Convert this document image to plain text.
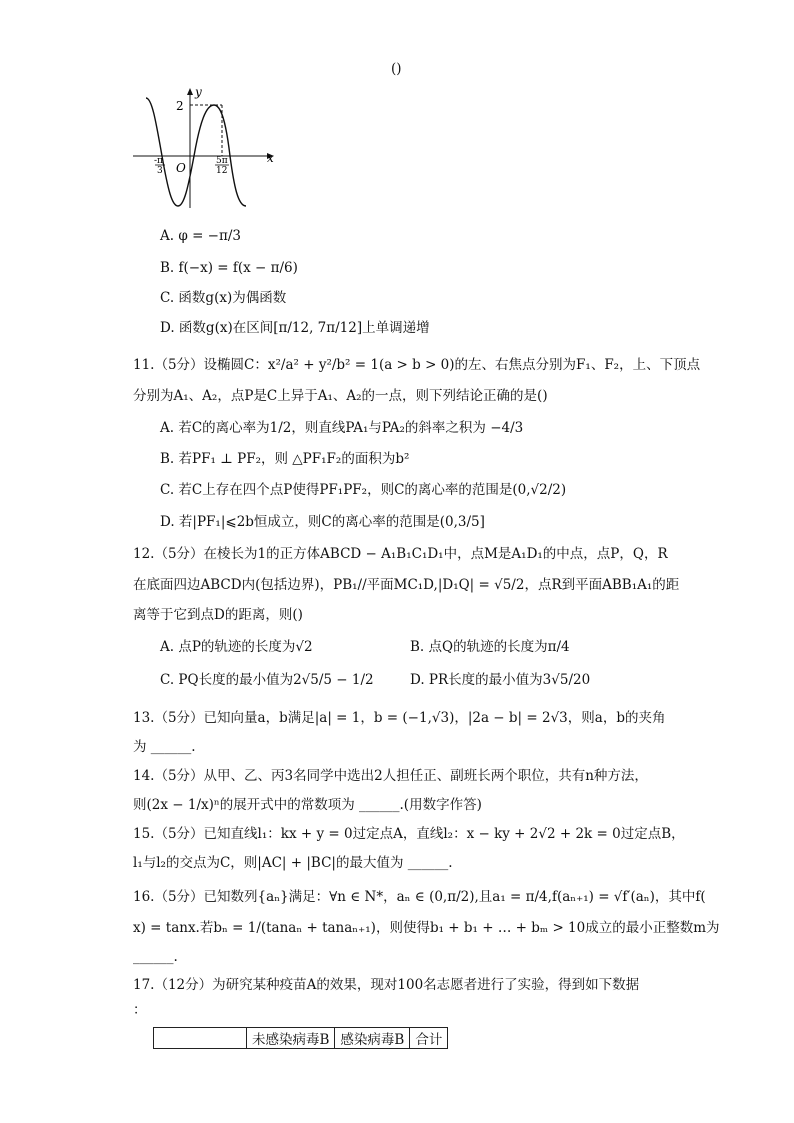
()
y
2
O
x
-π
3
5π
12
A. φ = −π/3
B. f(−x) = f(x − π/6)
C. 函数g(x)为偶函数
D. 函数g(x)在区间[π/12, 7π/12]上单调递增
11.（5分）设椭圆C：x²/a² + y²/b² = 1(a > b > 0)的左、右焦点分别为F₁、F₂，上、下顶点
分别为A₁、A₂，点P是C上异于A₁、A₂的一点，则下列结论正确的是()
A. 若C的离心率为1/2，则直线PA₁与PA₂的斜率之积为 −4/3
B. 若PF₁ ⊥ PF₂，则 △PF₁F₂的面积为b²
C. 若C上存在四个点P使得PF₁PF₂，则C的离心率的范围是(0,√2/2)
D. 若|PF₁|⩽2b恒成立，则C的离心率的范围是(0,3/5]
12.（5分）在棱长为1的正方体ABCD − A₁B₁C₁D₁中，点M是A₁D₁的中点，点P，Q，R
在底面四边ABCD内(包括边界)，PB₁//平面MC₁D,|D₁Q| = √5/2，点R到平面ABB₁A₁的距
离等于它到点D的距离，则()
A. 点P的轨迹的长度为√2	B. 点Q的轨迹的长度为π/4
C. PQ长度的最小值为2√5/5 − 1/2	D. PR长度的最小值为3√5/20
13.（5分）已知向量a，b满足|a| = 1，b = (−1,√3)，|2a − b| = 2√3，则a，b的夹角
为 ______.
14.（5分）从甲、乙、丙3名同学中选出2人担任正、副班长两个职位，共有n种方法，
则(2x − 1/x)ⁿ的展开式中的常数项为 ______.(用数字作答)
15.（5分）已知直线l₁：kx + y = 0过定点A，直线l₂：x − ky + 2√2 + 2k = 0过定点B，
l₁与l₂的交点为C，则|AC| + |BC|的最大值为 ______.
16.（5分）已知数列{aₙ}满足：∀n ∈ N*，aₙ ∈ (0,π/2),且a₁ = π/4,f(aₙ₊₁) = √f′(aₙ)，其中f(
x) = tanx.若bₙ = 1/(tanaₙ + tanaₙ₊₁)，则使得b₁ + b₁ + … + bₘ > 10成立的最小正整数m为
______.
17.（12分）为研究某种疫苗A的效果，现对100名志愿者进行了实验，得到如下数据
：
	未感染病毒B	感染病毒B	合计
